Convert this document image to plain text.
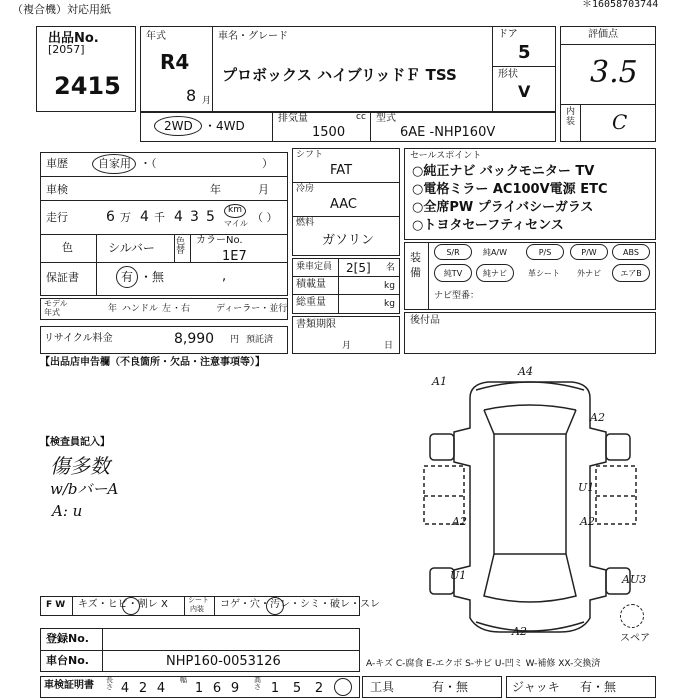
（複合機）対応用紙	＊16058703744
出品No.
[2057]
2415
年式
R4
8 月
車名・グレード
プロボックス ハイブリッドＦ TSS
ドア
5
形状
V
評価点
3.5
内装 C
2WD ・4WD
排気量	cc
1500
型式
6AE -NHP160V
車歴	自家用 ・（	）
車検	年	月
走行	6 万 4 千 4 3 5 km
マイル （ ）
色	シルバー 色替
カラーNo.
1E7
保証書	有 ・無	,
モデル年式	年 ハンドル 左 ・右	ディーラー・並行
リサイクル料金	8,990 円 預託済
シフト
FAT
冷房
AAC
燃料
ガソリン
乗車定員 2[5] 名
積載量	kg
総重量	kg
書類期限
月	日
セールスポイント
○純正ナビ バックモニター TV
○電格ミラー AC100V電源 ETC
○全席PW プライバシーガラス
○トヨタセーフティセンス
装備
S/R	純A/W	P/S	P/W	ABS
純TV	純ナビ	革シート	外ナビ	エアB
ナビ型番：
後付品
【出品店申告欄（不良箇所・欠品・注意事項等）】
【検査員記入】
傷多数
w/bバーA
A: u
A1
A4
A2
U1
A2	A2
U1	AU3
A2
スペア
F W キズ・ヒビ・割レ X	シート
内装 コゲ・穴・汚レ・シミ・破レ・スレ
登録No.
車台No.	NHP160-0053126	A-キズ C-腐食 E-エクボ S-サビ U-凹ミ W-補修 XX-交換済
車検証明書 長さ 4 2 4
幅
1 6 9
高さ 1 5 2	工具	有・無	ジャッキ 有・無
